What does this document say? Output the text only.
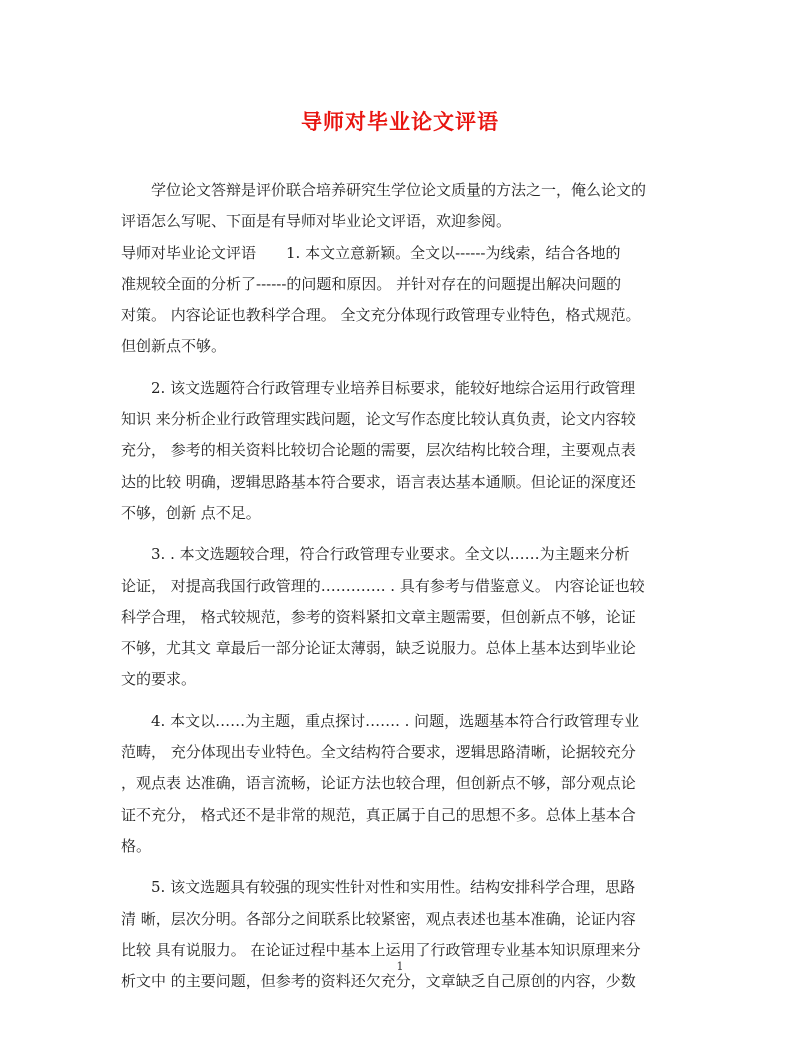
导师对毕业论文评语
　　学位论文答辩是评价联合培养研究生学位论文质量的方法之一，俺么论文的
评语怎么写呢、下面是有导师对毕业论文评语，欢迎参阅。
导师对毕业论文评语　　1. 本文立意新颖。全文以------为线索，结合各地的
准规较全面的分析了------的问题和原因。 并针对存在的问题提出解决问题的
对策。 内容论证也教科学合理。 全文充分体现行政管理专业特色，格式规范。
但创新点不够。
　　2. 该文选题符合行政管理专业培养目标要求，能较好地综合运用行政管理
知识 来分析企业行政管理实践问题，论文写作态度比较认真负责，论文内容较
充分， 参考的相关资料比较切合论题的需要，层次结构比较合理，主要观点表
达的比较 明确，逻辑思路基本符合要求，语言表达基本通顺。但论证的深度还
不够，创新 点不足。
　　3. . 本文选题较合理，符合行政管理专业要求。全文以……为主题来分析
论证， 对提高我国行政管理的…………. . 具有参考与借鉴意义。 内容论证也较
科学合理， 格式较规范，参考的资料紧扣文章主题需要，但创新点不够，论证
不够，尤其文 章最后一部分论证太薄弱，缺乏说服力。总体上基本达到毕业论
文的要求。
　　4. 本文以……为主题，重点探讨……. . 问题，选题基本符合行政管理专业
范畴， 充分体现出专业特色。全文结构符合要求，逻辑思路清晰，论据较充分
，观点表 达准确，语言流畅，论证方法也较合理，但创新点不够，部分观点论
证不充分， 格式还不是非常的规范，真正属于自己的思想不多。总体上基本合
格。
　　5. 该文选题具有较强的现实性针对性和实用性。结构安排科学合理，思路
清 晰，层次分明。各部分之间联系比较紧密，观点表述也基本准确，论证内容
比较 具有说服力。 在论证过程中基本上运用了行政管理专业基本知识原理来分
析文中 的主要问题，但参考的资料还欠充分，文章缺乏自己原创的内容，少数
1
